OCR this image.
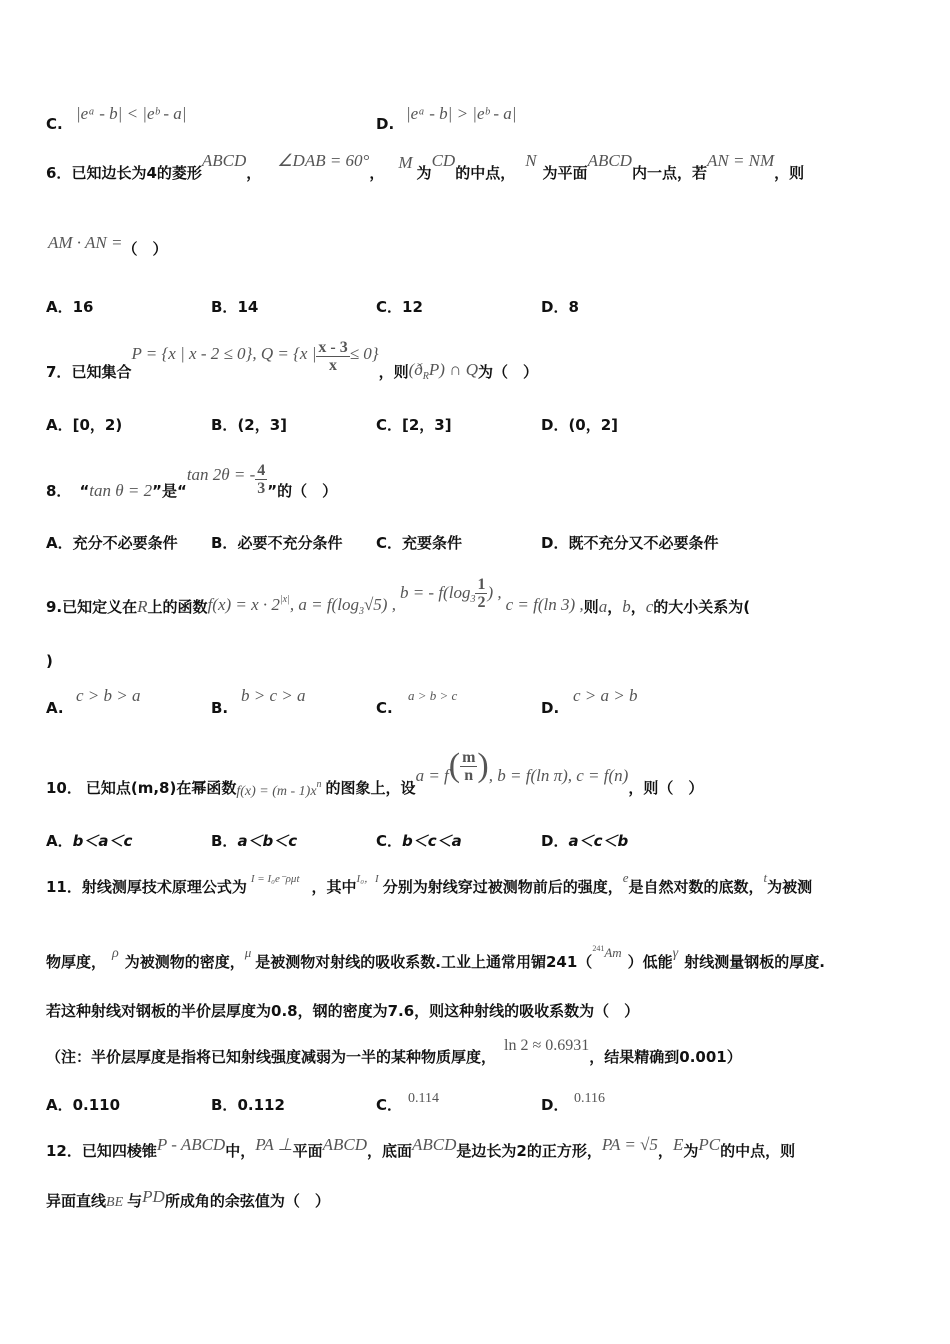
C.
|eᵃ - b| < |eᵇ - a|
D.
|eᵃ - b| > |eᵇ - a|
6．已知边长为4的菱形ABCD，∠DAB = 60°，M为CD的中点，N为平面ABCD内一点，若AN = NM，则
AM · AN =（　）
A．16	B．14	C．12	D．8
7．已知集合P = {x | x - 2 ≤ 0}, Q = {x | $\frac{x - 3}{x} \le 0$}，则$(ð_RP)$ ∩ Q为（　）
A．[0，2)	B．(2，3]	C．[2，3]	D．(0，2]
8． “tan θ = 2”是“tan 2θ = - $\frac{4}{3}$ ”的（　）
A．充分不必要条件 B．必要不充分条件 C．充要条件	D．既不充分又不必要条件
9.已知定义在R上的函数$f(x) = x \cdot 2_{|x|}$, $a = f(\log_3√5) ,b$ = - $f(\log_3 \frac{1}{2}$ ) ,c = f(ln 3) ,则a，b，c的大小关系为(
)
A.
c > b > a
B.
b > c > a
C.
a > b > c
D.
c > a > b
10． 已知点(m,8)在幂函数$f(x) = (m - 1)x_n$ 的图象上，设$a = f( \frac{m}{n}$ ), b = f(ln π), c = f(n)，则（　）
A．b＜a＜c	B．a＜b＜c	C．b＜c＜a	D．a＜c＜b
11．射线测厚技术原理公式为 $^{I = I_0e^-\rho\mu t}$ ，其中$^{I_0,I}$ 分别为射线穿过被测物前后的强度，e是自然对数的底数，t为被测
物厚度， ρ 为被测物的密度，μ是被测物对射线的吸收系数.工业上通常用镅241（$^{241}$Am）低能γ 射线测量钢板的厚度.
若这种射线对钢板的半价层厚度为0.8，钢的密度为7.6，则这种射线的吸收系数为（　）
（注：半价层厚度是指将已知射线强度减弱为一半的某种物质厚度，ln 2 ≈ 0.6931，结果精确到0.001）
A．0.110	B．0.112	C． 0.114	D． 0.116
12．已知四棱锥P - ABCD中，PA ⊥平面ABCD，底面ABCD是边长为2的正方形，PA = √5，E为PC的中点，则
异面直线BE 与PD所成角的余弦值为（　）
